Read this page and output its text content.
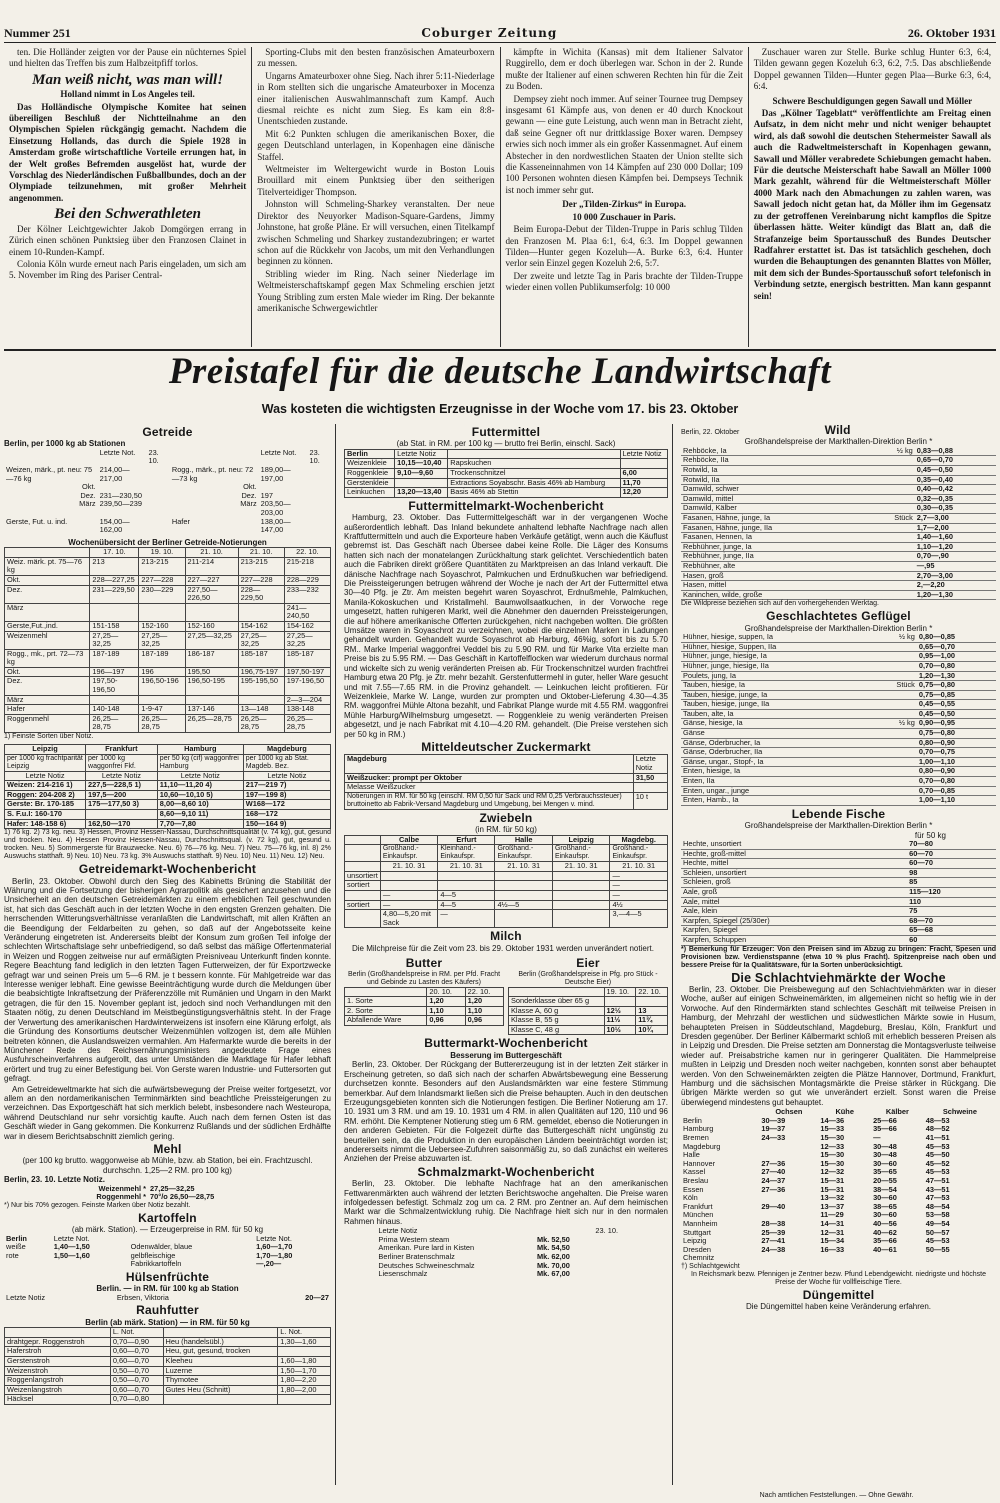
Nummer 251	Coburger Zeitung	26. Oktober 1931

ten. Die Holländer zeigten vor der Pause ein nüchternes Spiel und hielten das Treffen bis zum Halbzeitpfiff torlos.

Man weiß nicht, was man will!

Holland nimmt in Los Angeles teil.

Das Holländische Olympische Komitee hat seinen übereiligen Beschluß der Nichtteilnahme an den Olympischen Spielen rückgängig gemacht. Nachdem die Einsetzung Hollands, das durch die Spiele 1928 in Amsterdam große wirtschaftliche Vorteile errungen hat, in der Welt großes Befremden ausgelöst hat, wurde der Vorschlag des Niederländischen Fußballbundes, doch an der Olympiade teilzunehmen, mit großer Mehrheit angenommen.

Bei den Schwerathleten

Der Kölner Leichtgewichter Jakob Domgörgen errang in Zürich einen schönen Punktsieg über den Franzosen Clainet in einem 10-Runden-Kampf.

Colonia Köln wurde erneut nach Paris eingeladen, um sich am 5. November im Ring des Pariser Central-

Sporting-Clubs mit den besten französischen Amateurboxern zu messen.

Ungarns Amateurboxer ohne Sieg. Nach ihrer 5:11-Niederlage in Rom stellten sich die ungarische Amateurboxer in Mocenza einer italienischen Auswahlmannschaft zum Kampf. Auch diesmal reichte es nicht zum Sieg. Es kam ein 8:8-Unentschieden zustande.

Mit 6:2 Punkten schlugen die amerikanischen Boxer, die gegen Deutschland unterlagen, in Kopenhagen eine dänische Staffel.

Weltmeister im Weltergewicht wurde in Boston Louis Brouillard mit einem Punktsieg über den seitherigen Titelverteidiger Thompson.

Johnston will Schmeling-Sharkey veranstalten. Der neue Direktor des Neuyorker Madison-Square-Gardens, Jimmy Johnstone, hat große Pläne. Er will versuchen, einen Titelkampf zwischen Schmeling und Sharkey zustandezubringen; er wartet schon auf die Rückkehr von Jacobs, um mit den Verhandlungen beginnen zu können.

Stribling wieder im Ring. Nach seiner Niederlage im Weltmeisterschaftskampf gegen Max Schmeling erschien jetzt Young Stribling zum ersten Male wieder im Ring. Der bekannte amerikanische Schwergewichtler

kämpfte in Wichita (Kansas) mit dem Italiener Salvator Ruggirello, dem er doch überlegen war. Schon in der 2. Runde mußte der Italiener auf einen schweren Rechten hin für die Zeit zu Boden.

Dempsey zieht noch immer. Auf seiner Tournee trug Dempsey insgesamt 61 Kämpfe aus, von denen er 40 durch Knockout gewann — eine gute Leistung, auch wenn man in Betracht zieht, daß seine Gegner oft nur drittklassige Boxer waren. Dempsey erwies sich noch immer als ein großer Kassenmagnet. Auf einem Abstecher in den nordwestlichen Staaten der Union stellte sich die Kasseneinnahmen von 14 Kämpfen auf 230 000 Dollar; 109 100 Personen wohnten diesen Kämpfen bei. Dempseys Technik ist noch immer sehr gut.

Der „Tilden-Zirkus“ in Europa.

10 000 Zuschauer in Paris.

Beim Europa-Debut der Tilden-Truppe in Paris schlug Tilden den Franzosen M. Plaa 6:1, 6:4, 6:3. Im Doppel gewannen Tilden—Hunter gegen Kozeluh—A. Burke 6:3, 6:4. Hunter verlor sein Einzel gegen Kozeluh 2:6, 5:7.

Der zweite und letzte Tag in Paris brachte der Tilden-Truppe wieder einen vollen Publikumserfolg: 10 000

Zuschauer waren zur Stelle. Burke schlug Hunter 6:3, 6:4, Tilden gewann gegen Kozeluh 6:3, 6:2, 7:5. Das abschließende Doppel gewannen Tilden—Hunter gegen Plaa—Burke 6:3, 6:4, 6:4.

Schwere Beschuldigungen gegen Sawall und Möller

Das „Kölner Tageblatt“ veröffentlichte am Freitag einen Aufsatz, in dem nicht mehr und nicht weniger behauptet wird, als daß sowohl die deutschen Stehermeister Sawall als auch die Radweltmeisterschaft in Kopenhagen gewann, Sawall und Möller verabredete Schiebungen gemacht haben. Für die deutsche Meisterschaft habe Sawall an Möller 1000 Mark gezahlt, während für die Weltmeisterschaft Möller 4000 Mark nach den Abmachungen zu zahlen waren, was Sawall jedoch nicht getan hat, da Möller ihm im Gegensatz zu der getroffenen Vereinbarung nicht kampflos die Spitze überlassen hätte. Weiter kündigt das Blatt an, daß die Strafanzeige beim Sportausschuß des Bundes Deutscher Radfahrer erstattet ist. Das ist tatsächlich geschehen, doch wurden die Behauptungen des genannten Blattes von Möller, mit dem sich der Bundes-Sportausschuß sofort telefonisch in Verbindung setzte, energisch bestritten. Man kann gespannt sein!

Preistafel für die deutsche Landwirtschaft
Was kosteten die wichtigsten Erzeugnisse in der Woche vom 17. bis 23. Oktober
Getreide
Berlin, per 1000 kg ab Stationen
	Letzte Not.	23. 10.		Letzte Not.	23. 10.
Weizen, märk., pt. neu: 75—76 kg	214,00—217,00		Rogg., märk., pt. neu: 72—73 kg	189,00—197,00	
Okt.			Okt.		
Dez.	231—230,50		Dez.	197	
März	239,50—239		März	203,50—203,00	
Gerste, Fut. u. ind.	154,00—162,00		Hafer	138,00—147,00	
Wochenübersicht der Berliner Getreide-Notierungen
	17. 10.	19. 10.	21. 10.	21. 10.	22. 10.
Weiz. märk. pt. 75—76 kg	213	213-215	211-214	213-215	215-218
Okt.	228—227,25	227—228	227—227	227—228	228—229
Dez.	231—229,50	230—229	227,50—226,50	228—229,50	233—232
März					241—240,50
Gerste,Fut.,ind.	151-158	152-160	152-160	154-162	154-162
Weizenmehl	27,25—32,25	27,25—32,25	27,25—32,25	27,25—32,25	27,25—32,25
Rogg., mk., prt. 72—73 kg	187-189	187-189	186-187	185-187	185-187
Okt.	196—197	196	195,50	196,75-197	197,50-197
Dez.	197,50-196,50	196,50-196	196,50-195	195-195,50	197-196,50
März					2—3—204
Hafer	140-148	1-9-47	137-146	13—148	138-148
Roggenmehl	26,25—28,75	26,25—28,75	26,25—28,75	26,25—28,75	26,25—28,75
1) Feinste Sorten über Notiz.
Leipzig	Frankfurt	Hamburg	Magdeburg
per 1000 kg frachtparität Leipzig	per 1000 kg waggonfrei Fkf.	per 50 kg (cif) waggonfrei Hamburg	per 1000 kg ab Stat. Magdeb. Bez.
Letzte Notiz	Letzte Notiz	Letzte Notiz	Letzte Notiz
Weizen: 214-216 1)	227,5—228,5 1)	11,10—11,20 4)	217—219 7)
Roggen: 204-208 2)	197,5—200	10,60—10,10 5)	197—199 8)
Gerste: Br. 170-185	175—177,50 3)	8,00—8,60 10)	W168—172
S. F.u.I: 160-170		8,60—9,10 11)	168—172
Hafer: 148-158 6)	162,50—170	7,70—7,80	150—164 9)
1) 76 kg. 2) 73 kg. neu. 3) Hessen, Provinz Hessen-Nassau, Durchschnittsqualität (v. 74 kg), gut, gesund und trocken. Neu. 4) Hessen Provinz Hessen-Nassau, Durchschnittsqual. (v. 72 kg), gut, gesund u. trocken. Neu. 5) Sommergerste für Brauzwecke. Neu. 6) 76—76 kg. Neu. 7) Neu. 75—76 kg, inl. 8) 2% Auswuchs statthaft. 9) Neu. 10) Neu. 73 kg. 3% Auswuchs statthaft. 9) Neu. 10) Neu. 11) Neu. 12) Neu.
Getreidemarkt-Wochenbericht
Berlin, 23. Oktober. Obwohl durch den Sieg des Kabinetts Brüning die Stabilität der Währung und die Fortsetzung der bisherigen Agrarpolitik als gesichert anzusehen und die Unsicherheit an den deutschen Getreidemärkten zu einem erheblichen Teil geschwunden ist, hat sich das Geschäft auch in der letzten Woche in den engsten Grenzen gehalten. Die herrschenden Witterungsverhältnisse veranlaßten die Landwirtschaft, mit allen Kräften an die Beendigung der Feldarbeiten zu gehen, so daß auf der Angebotsseite keine Veränderung eingetreten ist. Andererseits bleibt der Konsum zum großen Teil infolge der schlechten Wirtschaftslage sehr unbefriedigend, so daß selbst das mäßige Offertenmaterial in Weizen und Roggen zeitweise nur auf ermäßigten Preisniveau Unterkunft finden konnte. Regere Beachtung fand lediglich in den letzten Tagen Futterweizen, der für Exportzwecke gefragt war und seinen Preis um 5—6 RM. je t bessern konnte. Für Mahlgetreide war das Interesse weniger lebhaft. Eine gewisse Beeinträchtigung wurde durch die Meldungen über die beabsichtigte Inkraftsetzung der Präferenzzölle mit Rumänien und Ungarn in den Markt getragen, die für den 15. November geplant ist, jedoch sind noch Verhandlungen mit den Staaten nötig, zu denen Deutschland im Meistbegünstigungsverhältnis steht. In der Frage der Verwertung des amerikanischen Hardwinterweizens ist insofern eine Klärung erfolgt, als die Gründung des Konsortiums deutscher Weizenmühlen vollzogen ist, dem alle Mühlen beitreten können, die Auslandsweizen vermahlen. Am Hafermarkte wurde die bereits in der Münchener Rede des Reichsernährungsministers angedeutete Frage eines Ausfuhrscheinverfahrens aufgerollt, das unter Umständen die Marktlage für Hafer lebhaft erörtert und trug zu einer Befestigung bei. Von Gerste waren Industrie- und Futtersorten gut gefragt.
Am Getreideweltmarkte hat sich die aufwärtsbewegung der Preise weiter fortgesetzt, vor allem an den nordamerikanischen Terminmärkten sind beachtliche Preissteigerungen zu verzeichnen. Das Exportgeschäft hat sich merklich belebt, insbesondere nach Westeuropa, während Deutschland nur sehr vorsichtig kaufte. Auch nach dem fernen Osten ist das Geschäft wieder in Gang gekommen. Die Konkurrenz Rußlands und der südlichen Erdhälfte war in diesem Berichtsabschnitt ziemlich gering.
Mehl
(per 100 kg brutto. waggonweise ab Mühle, bzw. ab Station, bei ein. Frachtzuschl. durchschn. 1,25—2 RM. pro 100 kg)
Berlin, 23. 10. Letzte Notiz.
Weizenmehl *	27,25—32,25
Roggenmehl *	70°/o 26,50—28,75
*) Nur bis 70% gezogen. Feinste Marken über Notiz bezahlt.
Kartoffeln
(ab märk. Station). — Erzeugerpreise in RM. für 50 kg
Berlin	Letzte Not.		Letzte Not.
weiße	1,40—1,50	Odenwälder, blaue	1,60—1,70
rote	1,50—1,60	gelbfleischige	1,70—1,80
		Fabrikkartoffeln	—,20—
Hülsenfrüchte
Berlin. — in RM. für 100 kg ab Station
Letzte Notiz	Erbsen, Viktoria	20—27
Rauhfutter
Berlin (ab märk. Station) — in RM. für 50 kg
	L. Not.		L. Not.
drahtgepr. Roggenstroh	0,70—0,90	Heu (handelsübl.)	1,30—1,60
Haferstroh	0,60—0,70	Heu, gut, gesund, trocken	
Gerstenstroh	0,60—0,70	Kleeheu	1,60—1,80
Weizenstroh	0,50—0,70	Luzerne	1,50—1,70
Roggenlangstroh	0,50—0,70	Thymotee	1,80—2,20
Weizenlangstroh	0,60—0,70	Gutes Heu (Schnitt)	1,80—2,00
Häcksel	0,70—0,80		
Futtermittel
(ab Stat. in RM. per 100 kg — brutto frei Berlin, einschl. Sack)
Berlin	Letzte Notiz		Letzte Notiz
Weizenkleie	10,15—10,40	Rapskuchen	
Roggenkleie	9,10—9,60	Trockenschnitzel	6,00
Gerstenkleie		Extractions Soyabschr. Basis 46% ab Hamburg	11,70
Leinkuchen	13,20—13,40	Basis 46% ab Stettin	12,20
Futtermittelmarkt-Wochenbericht
Hamburg, 23. Oktober. Das Futtermittelgeschäft war in der vergangenen Woche außerordentlich lebhaft. Das Inland bekundete anhaltend lebhafte Nachfrage nach allen Kraftfuttermitteln und auch die Exporteure haben Verkäufe getätigt, wenn auch die Käuflust gebremst ist. Das Geschäft nach Übersee dabei keine Rolle. Die Läger des Konsums hatten sich nach der monatelangen Zurückhaltung stark gelichtet. Verschiedentlich baten auch die Fabriken direkt größere Quantitäten zu Marktpreisen an das Inland verkauft. Die dänische Nachfrage nach Soyaschrot, Palmkuchen und Erdnußkuchen war befriedigend. Die Preissteigerungen betrugen während der Woche je nach der Art der Futtermittel etwa 30—40 Pfg. je Ztr. Am meisten begehrt waren Soyaschrot, Erdnußmehle, Palmkuchen, Manila-Kokoskuchen und Kristallmehl. Baumwollsaatkuchen, in der Vorwoche rege umgesetzt, hatten ruhigeren Markt, weil die Abnehmer den dauernden Preissteigerungen, die auf höhere amerikanische Offerten zurückgehen, nicht nachgeben wollten. Die größten Umsätze waren in Soyaschrot zu verzeichnen, wobei die einzelnen Marken in Ladungen gehandelt wurden. Gehandelt wurde Soyaschrot ab Harburg, 46%ig, sofort bis zu 5.70 RM.. Marke Imperial waggonfrei Veddel bis zu 5.90 RM. und für Marke Vita erzielte man Preise bis zu 5.95 RM. — Das Geschäft in Kartoffelflocken war wiederum durchaus normal und wickelte sich zu wenig veränderten Preisen ab. Für Trockenschnitzel wurden frachtfrei Hamburg etwa 20 Pfg. je Ztr. mehr bezahlt. Gerstenfuttermehl in guter, heller Ware gesucht und mit 7.55—7.65 RM. in die Provinz gehandelt. — Leinkuchen leicht profitieren. Für Weizenkleie, Marke W. Lange, wurden zur prompten und Oktober-Lieferung 4.30—4.35 RM. waggonfrei Mühle Altona bezahlt, und Fabrikat Plange wurde mit 4.55 RM. waggonfrei Mühle Harburg/Wilhelmsburg umgesetzt. — Roggenkleie zu wenig veränderten Preisen abgesetzt, und je nach Fabrikat mit 4.10—4.20 RM. gehandelt. (Die Preise verstehen sich per 50 kg in RM.)
Mitteldeutscher Zuckermarkt
Magdeburg	Letzte Notiz
Weißzucker: prompt per Oktober	31,50
Melasse Weißzucker	
Notierungen in RM. für 50 kg (einschl. RM 0,50 für Sack und RM 0,25 Verbrauchssteuer) bruttoinetto ab Fabrik-Versand Magdeburg und Umgebung, bei Mengen v. mind.	10 t
Zwiebeln
(in RM. für 50 kg)
	Calbe	Erfurt	Halle	Leipzig	Magdebg.
	Großhand.-Einkaufspr.	Kleinhand.-Einkaufspr.	Großhand.-Einkaufspr.	Großhand.-Einkaufspr.	Großhand.-Einkaufspr.
	21. 10. 31	21. 10. 31	21. 10. 31	21. 10. 31	21. 10. 31
unsortiert					—
sortiert					—
	—	4—5			—
sortiert	—	4—5	4½—5		4½
	4,80—5,20 mit Sack	—			3,—4—5
Milch
Die Milchpreise für die Zeit vom 23. bis 29. Oktober 1931 werden unverändert notiert.
Butter
Berlin (Großhandelspreise in RM. per Pfd. Fracht und Gebinde zu Lasten des Käufers)
	20. 10.	22. 10.
1. Sorte	1,20	1,20
2. Sorte	1,10	1,10
Abfallende Ware	0,96	0,96
Eier
Berlin (Großhandelspreise in Pfg. pro Stück - Deutsche Eier)
	19. 10.	22. 10.
Sonderklasse über 65 g		
Klasse A, 60 g	12½	13
Klasse B, 55 g	11½	11¾
Klasse C, 48 g	10½	10¾
Buttermarkt-Wochenbericht
Besserung im Buttergeschäft
Berlin, 23. Oktober. Der Rückgang der Buttererzeugung ist in der letzten Zeit stärker in Erscheinung getreten, so daß sich nach der scharfen Abwärtsbewegung eine Besserung durchsetzen konnte. Besonders auf den Auslandsmärkten war eine festere Stimmung bemerkbar. Auf dem Inlandsmarkt ließen sich die Preise behaupten. Auch in den deutschen Erzeugungsgebieten konnten sich die Notierungen festigen. Die Berliner Notierung am 17. 10. 1931 um 3 RM. und am 19. 10. 1931 um 4 RM. in allen Qualitäten auf 120, 110 und 96 RM. erhöht. Die Kemptener Notierung stieg um 6 RM. gemeldet, ebenso die Notierungen in den anderen Gebieten. Für die Folgezeit dürfte das Buttergeschäft nicht ungünstig zu beurteilen sein, da die Produktion in den europäischen Ländern beeinträchtigt worden ist; andererseits nimmt die Uebersee-Zufuhren saisonmäßig zu, so daß zunächst ein weiteres Anziehen der Preise abzuwarten ist.
Schmalzmarkt-Wochenbericht
Berlin, 23. Oktober. Die lebhafte Nachfrage hat an den amerikanischen Fettwarenmärkten auch während der letzten Berichtswoche angehalten. Die Preise waren infolgedessen befestigt. Schmalz zog um ca. 2 RM. pro Zentner an. Auf dem heimischen Markt war die Schmalzentwicklung ruhig. Die Nachfrage hielt sich nur in den normalen Rahmen hinaus.
Letzte Notiz		23. 10.
Prima Western steam	Mk. 52,50	
Amerikan. Pure lard in Kisten	Mk. 54,50	
Berliner Bratenschmalz	Mk. 62,00	
Deutsches Schweineschmalz	Mk. 70,00	
Liesenschmalz	Mk. 67,00	
Berlin, 22. Oktober	Wild
Großhandelspreise der Markthallen-Direktion Berlin *
Rehböcke, Ia	½ kg	0,83—0,88
Rehböcke, IIa		0,65—0,70
Rotwild, Ia		0,45—0,50
Rotwild, IIa		0,35—0,40
Damwild, schwer		0,40—0,42
Damwild, mittel		0,32—0,35
Damwild, Kälber		0,30—0,35
Fasanen, Hähne, junge, Ia	Stück	2,7—3,00
Fasanen, Hähne, junge, IIa		1,7—2,00
Fasanen, Hennen, Ia		1,40—1,60
Rebhühner, junge, Ia		1,10—1,20
Rebhühner, junge, IIa		0,70—,90
Rebhühner, alte		—,95
Hasen, groß		2,70—3,00
Hasen, mittel		2,—2,20
Kaninchen, wilde, große		1,20—1,30
Die Wildpreise beziehen sich auf den vorhergehenden Werktag.
Geschlachtetes Geflügel
Großhandelspreise der Markthallen-Direktion Berlin *
Hühner, hiesige, suppen, Ia	½ kg	0,80—0,85
Hühner, hiesige, Suppen, IIa		0,65—0,70
Hühner, junge, hiesige, Ia		0,95—1,00
Hühner, junge, hiesige, IIa		0,70—0,80
Poulets, jung, Ia		1,20—1,30
Tauben, hiesige, Ia	Stück	0,75—0,80
Tauben, hiesige, junge, Ia		0,75—0,85
Tauben, hiesige, junge, IIa		0,45—0,55
Tauben, alte, Ia		0,45—0,50
Gänse, hiesige, Ia	½ kg	0,90—0,95
Gänse		0,75—0,80
Gänse, Oderbrucher, Ia		0,80—0,90
Gänse, Oderbrucher, IIa		0,70—0,75
Gänse, ungar., Stopf-, Ia		1,00—1,10
Enten, hiesige, Ia		0,80—0,90
Enten, IIa		0,70—0,80
Enten, ungar., junge		0,70—0,85
Enten, Hamb., Ia		1,00—1,10
Lebende Fische
Großhandelspreise der Markthallen-Direktion Berlin *
für 50 kg
Hechte, unsortiert	70—80
Hechte, groß-mittel	60—70
Hechte, mittel	60—70
Schleien, unsortiert	98
Schleien, groß	85
Aale, groß	115—120
Aale, mittel	110
Aale, klein	75
Karpfen, Spiegel (25/30er)	68—70
Karpfen, Spiegel	65—68
Karpfen, Schuppen	60
*) Bemerkung für Erzeuger: Von den Preisen sind im Abzug zu bringen: Fracht, Spesen und Provisionen bzw. Verdienstspanne (etwa 10 % plus Fracht). Spitzenpreise nach oben und bessere Preise für Ia Qualitätsware, für Ia Sorten unberücksichtigt.
Die Schlachtviehmärkte der Woche
Berlin, 23. Oktober. Die Preisbewegung auf den Schlachtviehmärkten war in dieser Woche, außer auf einigen Schweinemärkten, im allgemeinen nicht so heftig wie in der Vorwoche. Auf den Rindermärkten stand schlechtes Geschäft mit teilweise Preisen in Hamburg, der Mehrzahl der westlichen und südwestlichen Märkte sowie in Husum, behaupteten Preisen in Süddeutschland, Magdeburg, Breslau, Köln, Frankfurt und Dresden gegenüber. Der Berliner Kälbermarkt schloß mit erheblich besseren Preisen als in Leipzig und Dresden. Die Preise setzten am Donnerstag die Montagsverluste teilweise wieder auf. Preisabstriche kamen nur in geringerer Qualitäten. Die Hammelpreise mußten in Leipzig und Dresden noch weiter nachgeben, konnten sonst aber behauptet werden. Von den Schweinemärkten zeigten die Plätze Hannover, Dortmund, Frankfurt, Hamburg und die sächsischen Montagsmärkte die Preise stärker in Rückgang. Die übrigen Märkte werden so gut wie unverändert erzielt. Sonst waren die Preise überwiegend mindestens gut behauptet.
	Ochsen	Kühe	Kälber	Schweine
Berlin	30—39	14—36	25—66	48—53
Hamburg	19—37	15—33	35—66	48—52
Bremen	24—33	15—30	—	41—51
Magdeburg		12—33	30—48	45—53
Halle		15—30	30—48	45—50
Hannover	27—36	15—30	30—60	45—52
Kassel	27—40	12—32	35—65	45—53
Breslau	24—37	15—31	20—55	47—51
Essen	27—36	15—31	38—54	43—51
Köln		13—32	30—60	47—53
Frankfurt	29—40	13—37	38—65	48—54
München		11—29	30—60	53—58
Mannheim	28—38	14—31	40—56	49—54
Stuttgart	25—39	12—31	40—62	50—57
Leipzig	27—41	15—34	35—66	45—53
Dresden	24—38	16—33	40—61	50—55
Chemnitz				
†) Schlachtgewicht
In Reichsmark bezw. Pfennigen je Zentner bezw. Pfund Lebendgewicht. niedrigste und höchste Preise der Woche für vollfleischige Tiere.
Düngemittel
Die Düngemittel haben keine Veränderung erfahren.
Nach amtlichen Feststellungen. — Ohne Gewähr.
